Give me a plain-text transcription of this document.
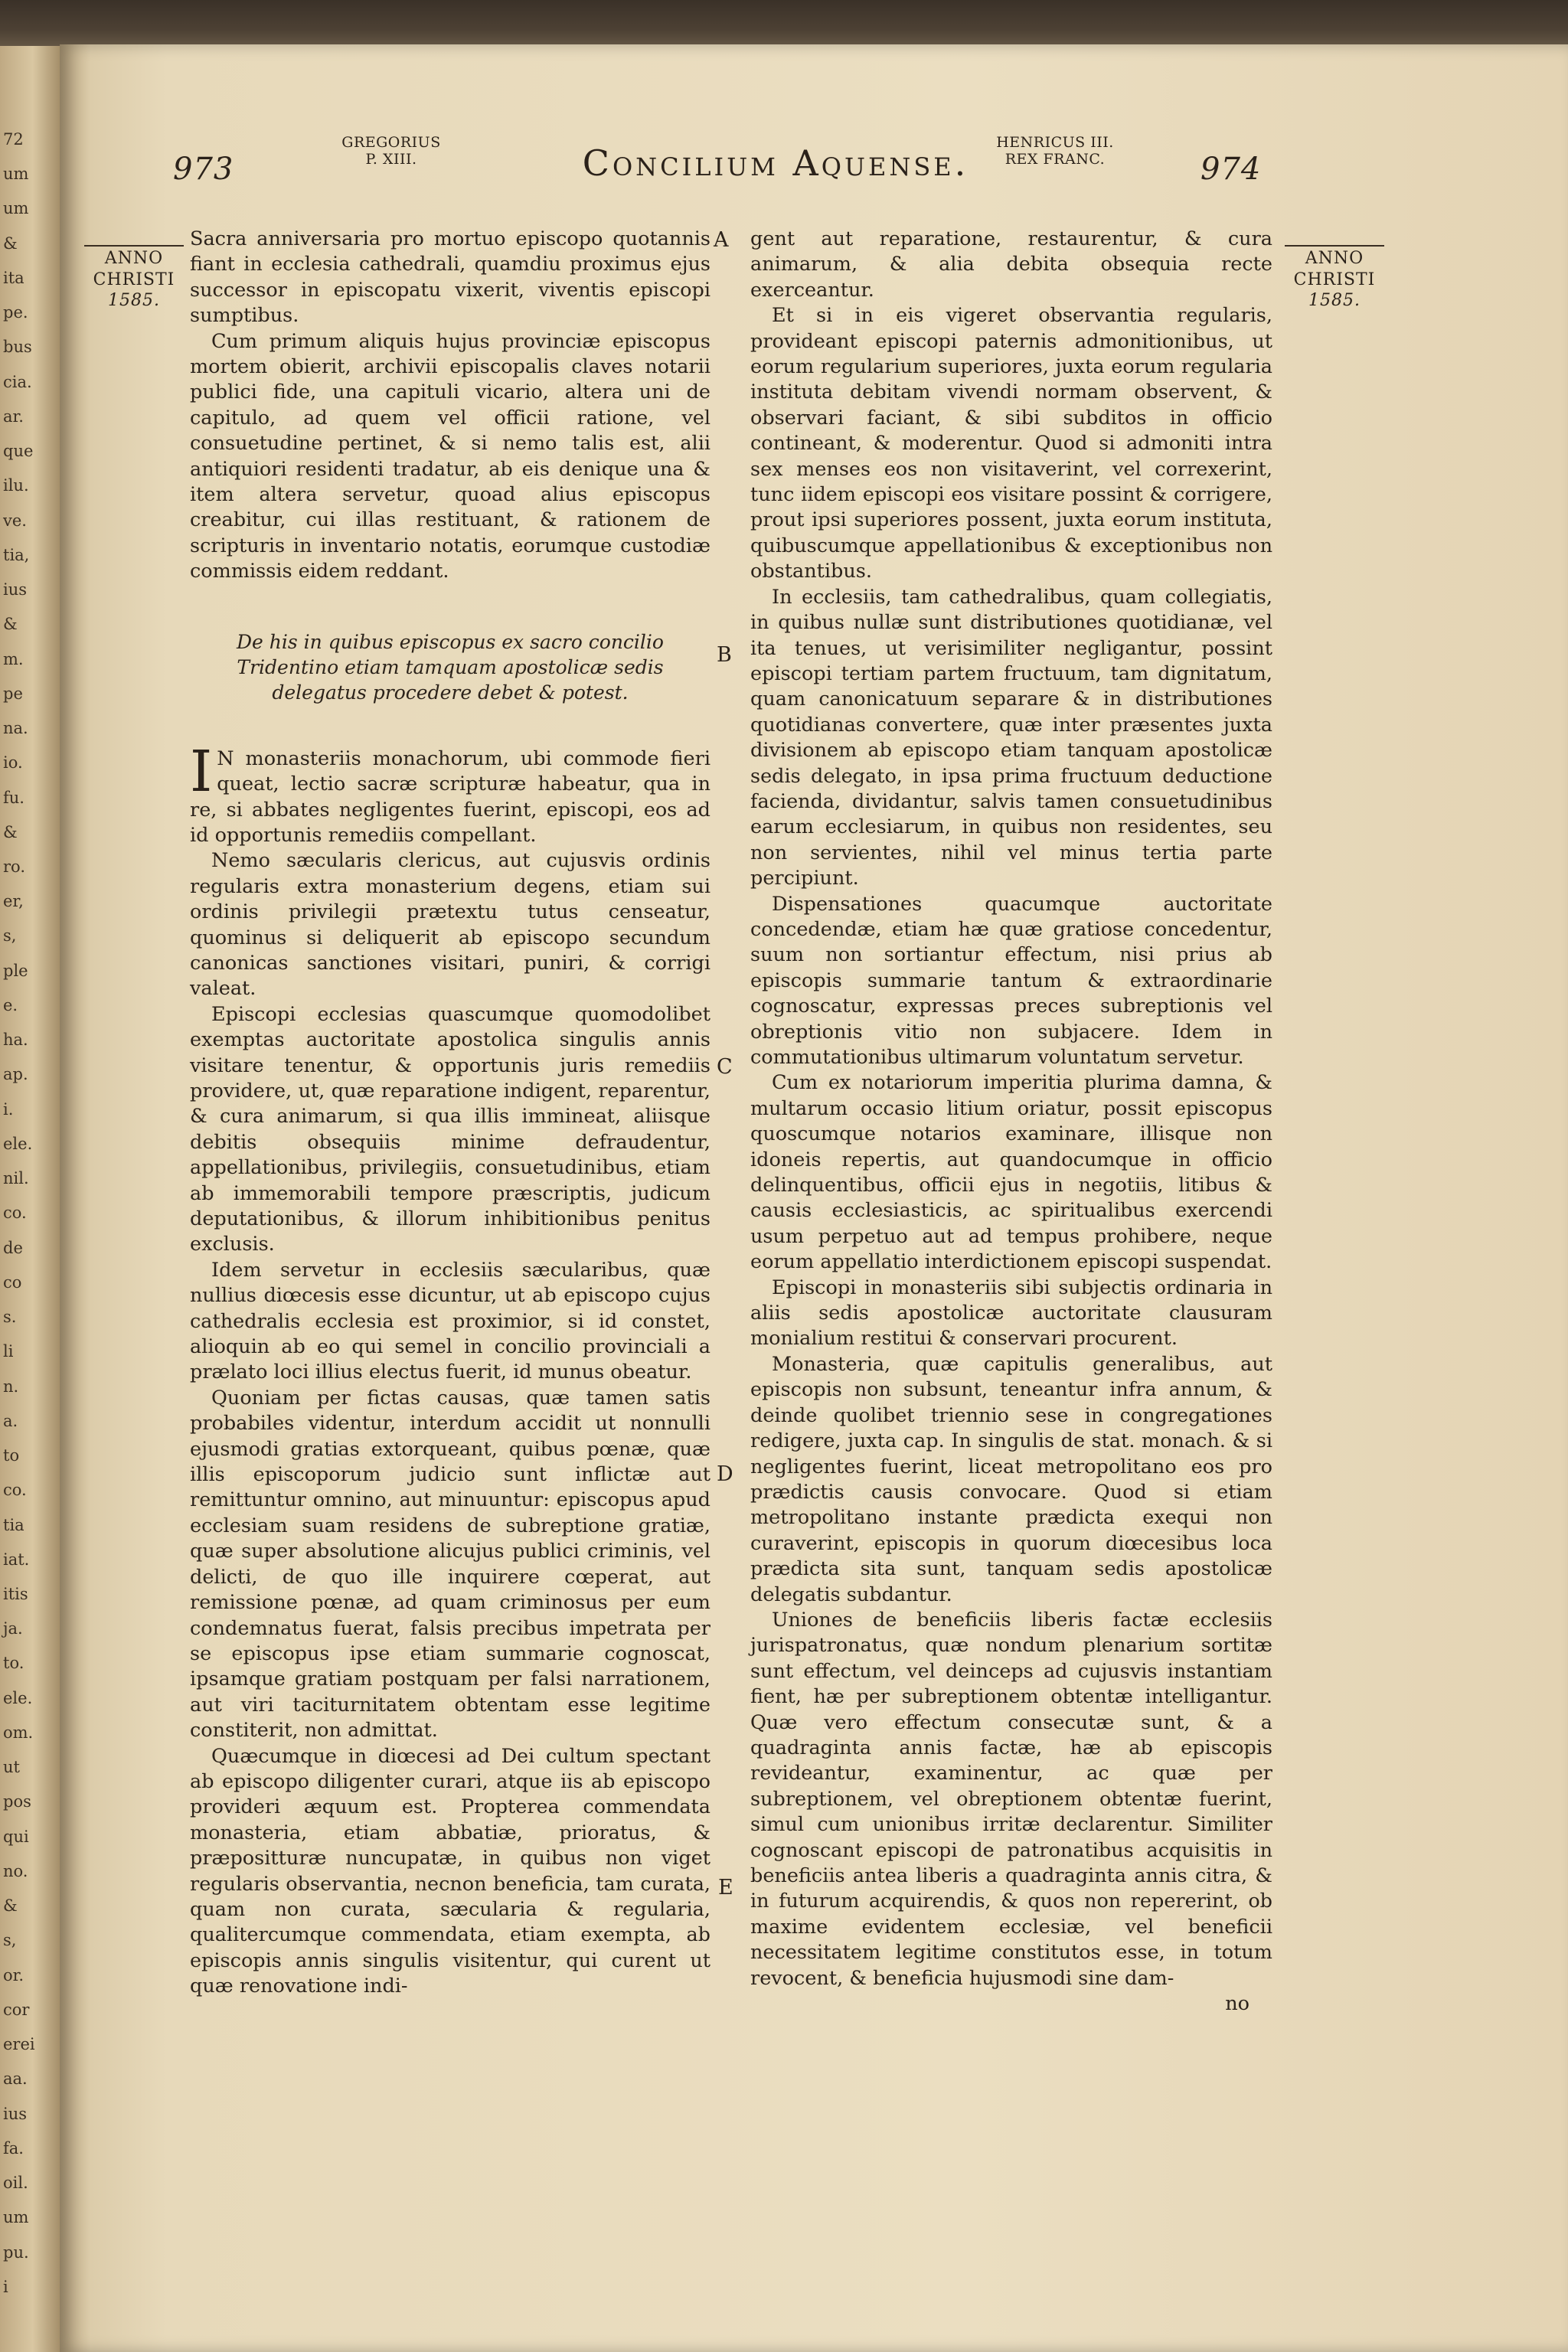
72
um
um
&
ita
pe.
bus
cia.
ar.
que
ilu.
ve.
tia,
ius
&
m.
pe
na.
io.
fu.
&
ro.
er,
s,
ple
e.
ha.
ap.
i.
ele.
nil.
co.
de
co
s.
li
n.
a.
to
co.
tia
iat.
itis
ja.
to.
ele.
om.
ut
pos
qui
no.
&
s,
or.
cor
erei
aa.
ius
fa.
oil.
um
pu.
i
973
GREGORIUS
P. XIII.	Concilium Aquense.	HENRICUS III.
REX FRANC.	974
ANNO
CHRISTI
1585.
ANNO
CHRISTI
1585.
A
B
C
D
E

Sacra anniversaria pro mortuo episcopo quotannis fiant in ecclesia cathedrali, quamdiu proximus ejus successor in episcopatu vixerit, viventis episcopi sumptibus.

Cum primum aliquis hujus provinciæ episcopus mortem obierit, archivii episcopalis claves notarii publici fide, una capituli vicario, altera uni de capitulo, ad quem vel officii ratione, vel consuetudine pertinet, & si nemo talis est, alii antiquiori residenti tradatur, ab eis denique una & item altera servetur, quoad alius episcopus creabitur, cui illas restituant, & rationem de scripturis in inventario notatis, eorumque custodiæ commissis eidem reddant.

De his in quibus episcopus ex sacro concilio Tridentino etiam tamquam apostolicæ sedis delegatus procedere debet & potest.

I N monasteriis monachorum, ubi commode fieri queat, lectio sacræ scripturæ habeatur, qua in re, si abbates negligentes fuerint, episcopi, eos ad id opportunis remediis compellant.

Nemo sæcularis clericus, aut cujusvis ordinis regularis extra monasterium degens, etiam sui ordinis privilegii prætextu tutus censeatur, quominus si deliquerit ab episcopo secundum canonicas sanctiones visitari, puniri, & corrigi valeat.

Episcopi ecclesias quascumque quomodolibet exemptas auctoritate apostolica singulis annis visitare tenentur, & opportunis juris remediis providere, ut, quæ reparatione indigent, reparentur, & cura animarum, si qua illis immineat, aliisque debitis obsequiis minime defraudentur, appellationibus, privilegiis, consuetudinibus, etiam ab immemorabili tempore præscriptis, judicum deputationibus, & illorum inhibitionibus penitus exclusis.

Idem servetur in ecclesiis sæcularibus, quæ nullius diœcesis esse dicuntur, ut ab episcopo cujus cathedralis ecclesia est proximior, si id constet, alioquin ab eo qui semel in concilio provinciali a prælato loci illius electus fuerit, id munus obeatur.

Quoniam per fictas causas, quæ tamen satis probabiles videntur, interdum accidit ut nonnulli ejusmodi gratias extorqueant, quibus pœnæ, quæ illis episcoporum judicio sunt inflictæ aut remittuntur omnino, aut minuuntur: episcopus apud ecclesiam suam residens de subreptione gratiæ, quæ super absolutione alicujus publici criminis, vel delicti, de quo ille inquirere cœperat, aut remissione pœnæ, ad quam criminosus per eum condemnatus fuerat, falsis precibus impetrata per se episcopus ipse etiam summarie cognoscat, ipsamque gratiam postquam per falsi narrationem, aut viri taciturnitatem obtentam esse legitime constiterit, non admittat.

Quæcumque in diœcesi ad Dei cultum spectant ab episcopo diligenter curari, atque iis ab episcopo provideri æquum est. Propterea commendata monasteria, etiam abbatiæ, prioratus, & præpositturæ nuncupatæ, in quibus non viget regularis observantia, necnon beneficia, tam curata, quam non curata, sæcularia & regularia, qualitercumque commendata, etiam exempta, ab episcopis annis singulis visitentur, qui curent ut quæ renovatione indi-

gent aut reparatione, restaurentur, & cura animarum, & alia debita obsequia recte exerceantur.

Et si in eis vigeret observantia regularis, provideant episcopi paternis admonitionibus, ut eorum regularium superiores, juxta eorum regularia instituta debitam vivendi normam observent, & observari faciant, & sibi subditos in officio contineant, & moderentur. Quod si admoniti intra sex menses eos non visitaverint, vel correxerint, tunc iidem episcopi eos visitare possint & corrigere, prout ipsi superiores possent, juxta eorum instituta, quibuscumque appellationibus & exceptionibus non obstantibus.

In ecclesiis, tam cathedralibus, quam collegiatis, in quibus nullæ sunt distributiones quotidianæ, vel ita tenues, ut verisimiliter negligantur, possint episcopi tertiam partem fructuum, tam dignitatum, quam canonicatuum separare & in distributiones quotidianas convertere, quæ inter præsentes juxta divisionem ab episcopo etiam tanquam apostolicæ sedis delegato, in ipsa prima fructuum deductione facienda, dividantur, salvis tamen consuetudinibus earum ecclesiarum, in quibus non residentes, seu non servientes, nihil vel minus tertia parte percipiunt.

Dispensationes quacumque auctoritate concedendæ, etiam hæ quæ gratiose concedentur, suum non sortiantur effectum, nisi prius ab episcopis summarie tantum & extraordinarie cognoscatur, expressas preces subreptionis vel obreptionis vitio non subjacere. Idem in commutationibus ultimarum voluntatum servetur.

Cum ex notariorum imperitia plurima damna, & multarum occasio litium oriatur, possit episcopus quoscumque notarios examinare, illisque non idoneis repertis, aut quandocumque in officio delinquentibus, officii ejus in negotiis, litibus & causis ecclesiasticis, ac spiritualibus exercendi usum perpetuo aut ad tempus prohibere, neque eorum appellatio interdictionem episcopi suspendat.

Episcopi in monasteriis sibi subjectis ordinaria in aliis sedis apostolicæ auctoritate clausuram monialium restitui & conservari procurent.

Monasteria, quæ capitulis generalibus, aut episcopis non subsunt, teneantur infra annum, & deinde quolibet triennio sese in congregationes redigere, juxta cap. In singulis de stat. monach. & si negligentes fuerint, liceat metropolitano eos pro prædictis causis convocare. Quod si etiam metropolitano instante prædicta exequi non curaverint, episcopis in quorum diœcesibus loca prædicta sita sunt, tanquam sedis apostolicæ delegatis subdantur.

Uniones de beneficiis liberis factæ ecclesiis jurispatronatus, quæ nondum plenarium sortitæ sunt effectum, vel deinceps ad cujusvis instantiam fient, hæ per subreptionem obtentæ intelligantur. Quæ vero effectum consecutæ sunt, & a quadraginta annis factæ, hæ ab episcopis revideantur, examinentur, ac quæ per subreptionem, vel obreptionem obtentæ fuerint, simul cum unionibus irritæ declarentur. Similiter cognoscant episcopi de patronatibus acquisitis in beneficiis antea liberis a quadraginta annis citra, & in futurum acquirendis, & quos non repererint, ob maxime evidentem ecclesiæ, vel beneficii necessitatem legitime constitutos esse, in totum revocent, & beneficia hujusmodi sine dam-

no
